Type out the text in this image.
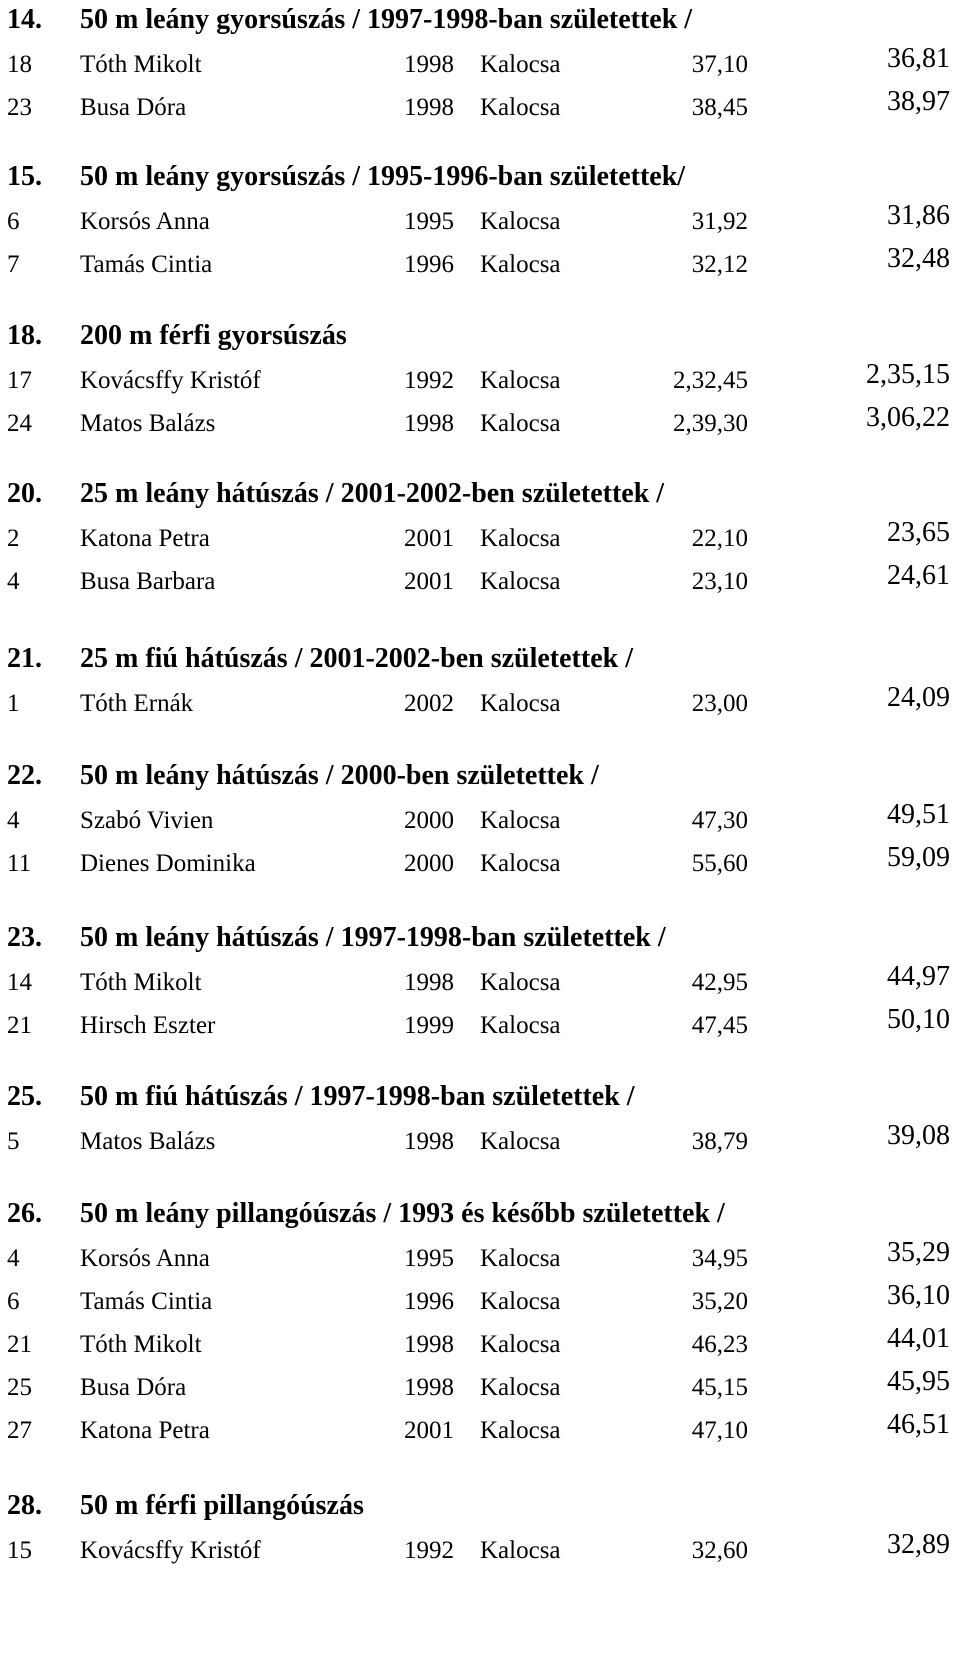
14. 50 m leány gyorsúszás / 1997-1998-ban születettek /
18 Tóth Mikolt	1998 Kalocsa	37,10	36,81
23 Busa Dóra	1998 Kalocsa	38,45	38,97
15. 50 m leány gyorsúszás / 1995-1996-ban születettek/
6 Korsós Anna	1995 Kalocsa	31,92	31,86
7 Tamás Cintia	1996 Kalocsa	32,12	32,48
18. 200 m férfi gyorsúszás
17 Kovácsffy Kristóf	1992 Kalocsa	2,32,45	2,35,15
24 Matos Balázs	1998 Kalocsa	2,39,30	3,06,22
20. 25 m leány hátúszás / 2001-2002-ben születettek /
2 Katona Petra	2001 Kalocsa	22,10	23,65
4 Busa Barbara	2001 Kalocsa	23,10	24,61
21. 25 m fiú hátúszás / 2001-2002-ben születettek /
1 Tóth Ernák	2002 Kalocsa	23,00	24,09
22. 50 m leány hátúszás / 2000-ben születettek /
4 Szabó Vivien	2000 Kalocsa	47,30	49,51
11 Dienes Dominika	2000 Kalocsa	55,60	59,09
23. 50 m leány hátúszás / 1997-1998-ban születettek /
14 Tóth Mikolt	1998 Kalocsa	42,95	44,97
21 Hirsch Eszter	1999 Kalocsa	47,45	50,10
25. 50 m fiú hátúszás / 1997-1998-ban születettek /
5 Matos Balázs	1998 Kalocsa	38,79	39,08
26. 50 m leány pillangóúszás / 1993 és később születettek /
4 Korsós Anna	1995 Kalocsa	34,95	35,29
6 Tamás Cintia	1996 Kalocsa	35,20	36,10
21 Tóth Mikolt	1998 Kalocsa	46,23	44,01
25 Busa Dóra	1998 Kalocsa	45,15	45,95
27 Katona Petra	2001 Kalocsa	47,10	46,51
28. 50 m férfi pillangóúszás
15 Kovácsffy Kristóf	1992 Kalocsa	32,60	32,89
